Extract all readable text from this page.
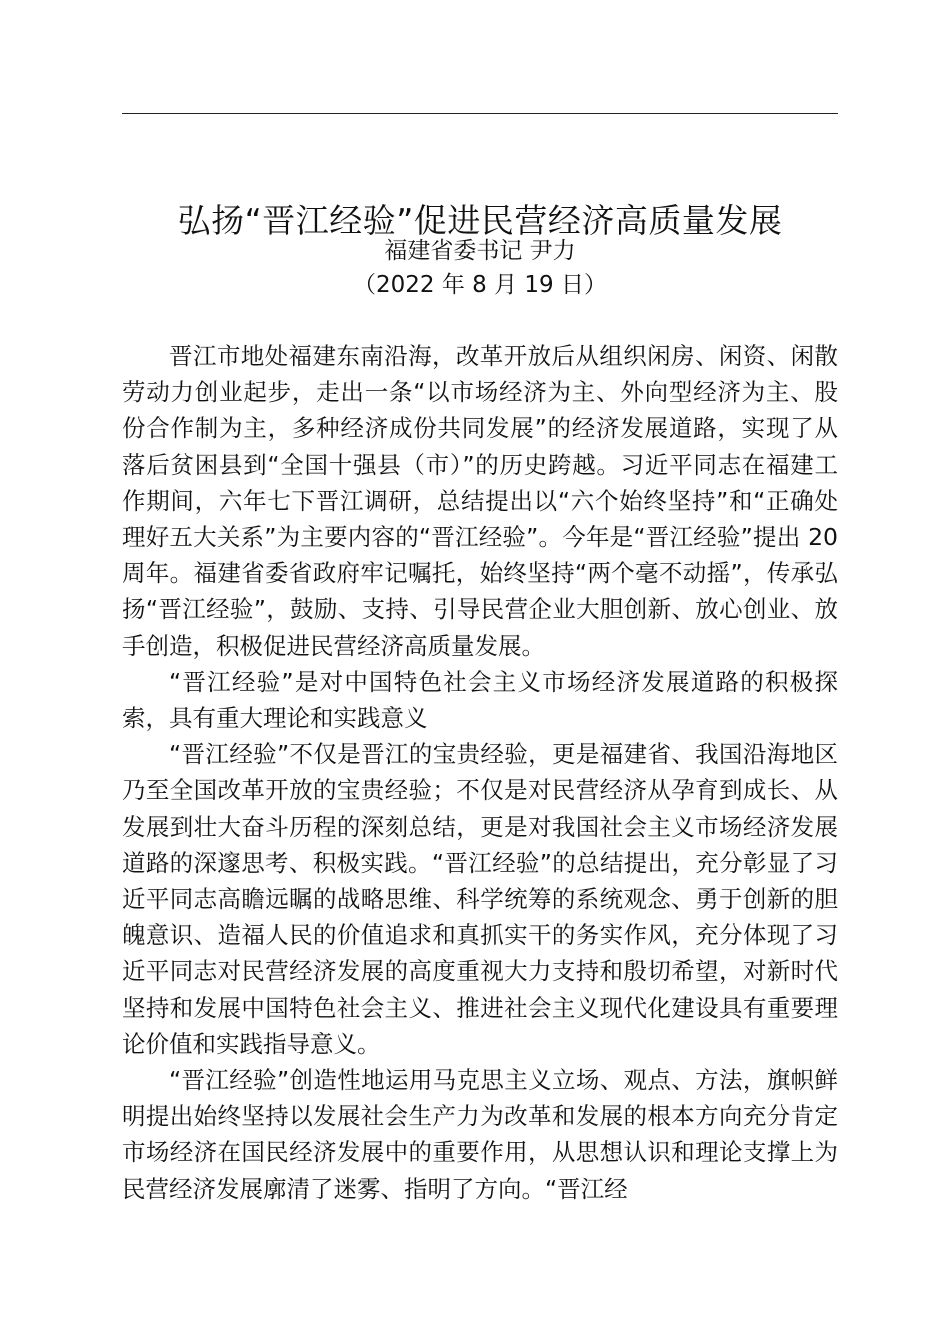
弘扬“晋江经验”促进民营经济高质量发展
福建省委书记 尹力
（2022 年 8 月 19 日）

晋江市地处福建东南沿海，改革开放后从组织闲房、闲资、闲散劳动力创业起步，走出一条“以市场经济为主、外向型经济为主、股份合作制为主，多种经济成份共同发展”的经济发展道路，实现了从落后贫困县到“全国十强县（市）”的历史跨越。习近平同志在福建工作期间，六年七下晋江调研，总结提出以“六个始终坚持”和“正确处理好五大关系”为主要内容的“晋江经验”。今年是“晋江经验”提出 20 周年。福建省委省政府牢记嘱托，始终坚持“两个毫不动摇”，传承弘扬“晋江经验”，鼓励、支持、引导民营企业大胆创新、放心创业、放手创造，积极促进民营经济高质量发展。

“晋江经验”是对中国特色社会主义市场经济发展道路的积极探索，具有重大理论和实践意义

“晋江经验”不仅是晋江的宝贵经验，更是福建省、我国沿海地区乃至全国改革开放的宝贵经验；不仅是对民营经济从孕育到成长、从发展到壮大奋斗历程的深刻总结，更是对我国社会主义市场经济发展道路的深邃思考、积极实践。“晋江经验”的总结提出，充分彰显了习近平同志高瞻远瞩的战略思维、科学统筹的系统观念、勇于创新的胆魄意识、造福人民的价值追求和真抓实干的务实作风，充分体现了习近平同志对民营经济发展的高度重视大力支持和殷切希望，对新时代坚持和发展中国特色社会主义、推进社会主义现代化建设具有重要理论价值和实践指导意义。

“晋江经验”创造性地运用马克思主义立场、观点、方法，旗帜鲜明提出始终坚持以发展社会生产力为改革和发展的根本方向充分肯定市场经济在国民经济发展中的重要作用，从思想认识和理论支撑上为民营经济发展廓清了迷雾、指明了方向。“晋江经
